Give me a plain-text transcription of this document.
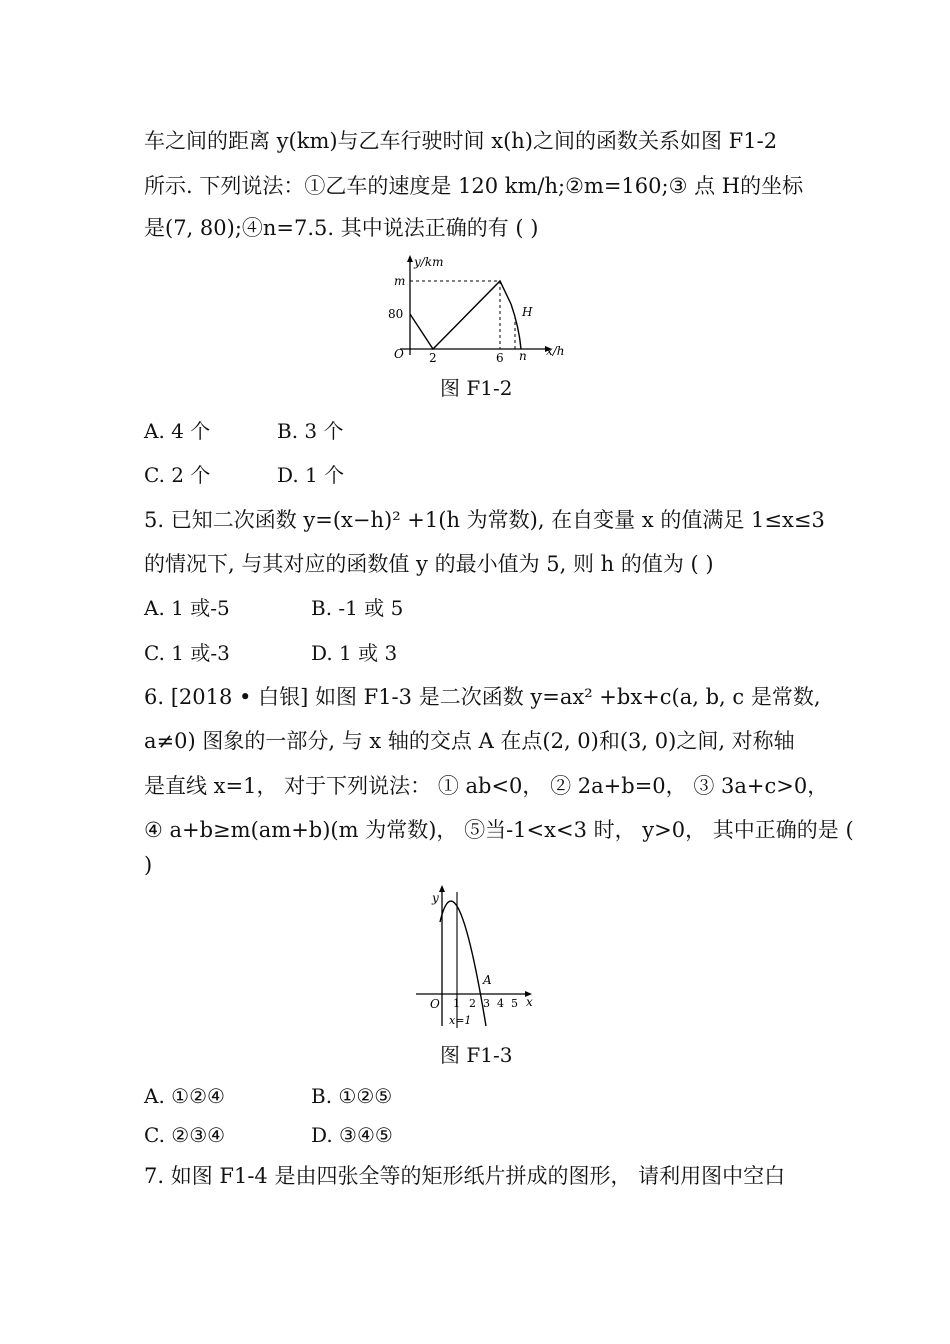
车之间的距离 y(km)与乙车行驶时间 x(h)之间的函数关系如图 F1-2
所示. 下列说法：①乙车的速度是 120 km/h;②m=160;③ 点 H的坐标
是(7, 80);④n=7.5. 其中说法正确的有 ( )
y/km
x/h
m
80
O 2	6 n
H
图 F1-2
A. 4 个	B. 3 个
C. 2 个	D. 1 个
5. 已知二次函数 y=(x−h)² +1(h 为常数), 在自变量 x 的值满足 1≤x≤3
的情况下, 与其对应的函数值 y 的最小值为 5, 则 h 的值为 ( )
A. 1 或-5	B. -1 或 5
C. 1 或-3	D. 1 或 3
6. [2018 • 白银] 如图 F1-3 是二次函数 y=ax² +bx+c(a, b, c 是常数,
a≠0) 图象的一部分, 与 x 轴的交点 A 在点(2, 0)和(3, 0)之间, 对称轴
是直线 x=1， 对于下列说法： ① ab<0， ② 2a+b=0， ③ 3a+c>0，
④ a+b≥m(am+b)(m 为常数)， ⑤当-1<x<3 时， y>0， 其中正确的是 (
)
y
x
O 1 2 3 4 5
A
x=1
图 F1-3
A. ①②④	B. ①②⑤
C. ②③④	D. ③④⑤
7. 如图 F1-4 是由四张全等的矩形纸片拼成的图形， 请利用图中空白
